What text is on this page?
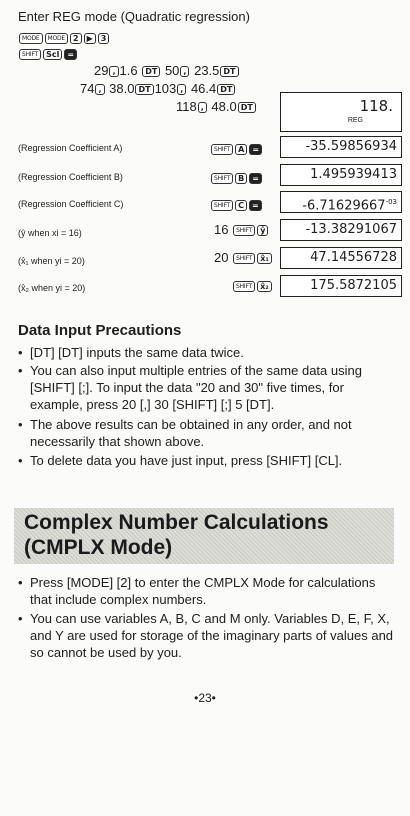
Enter REG mode (Quadratic regression)
MODE MODE 2 ▶ 3
SHIFT Scl =
29 , 1.6 DT 50 , 23.5 DT
74 , 38.0 DT 103 , 46.4 DT
118 , 48.0 DT	118.
REG
(Regression Coefficient A)	SHIFT A =	-35.59856934
(Regression Coefficient B)	SHIFT B =	1.495939413
(Regression Coefficient C)	SHIFT C =	$-6.71629667^{-03}$
(ŷ when xi = 16)	16 SHIFT ŷ	-13.38291067
(x̂₁ when yi = 20)	20 SHIFT x̂₁	47.14556728
(x̂₂ when yi = 20)	SHIFT x̂₂	175.5872105
Data Input Precautions
• [DT] [DT] inputs the same data twice.
• You can also input multiple entries of the same data using [SHIFT] [;]. To input the data "20 and 30" five times, for example, press 20 [,] 30 [SHIFT] [;] 5 [DT].
• The above results can be obtained in any order, and not necessarily that shown above.
• To delete data you have just input, press [SHIFT] [CL].
Complex Number Calculations
(CMPLX Mode)
• Press [MODE] [2] to enter the CMPLX Mode for calculations that include complex numbers.
• You can use variables A, B, C and M only. Variables D, E, F, X, and Y are used for storage of the imaginary parts of values and so cannot be used by you.
•23•
